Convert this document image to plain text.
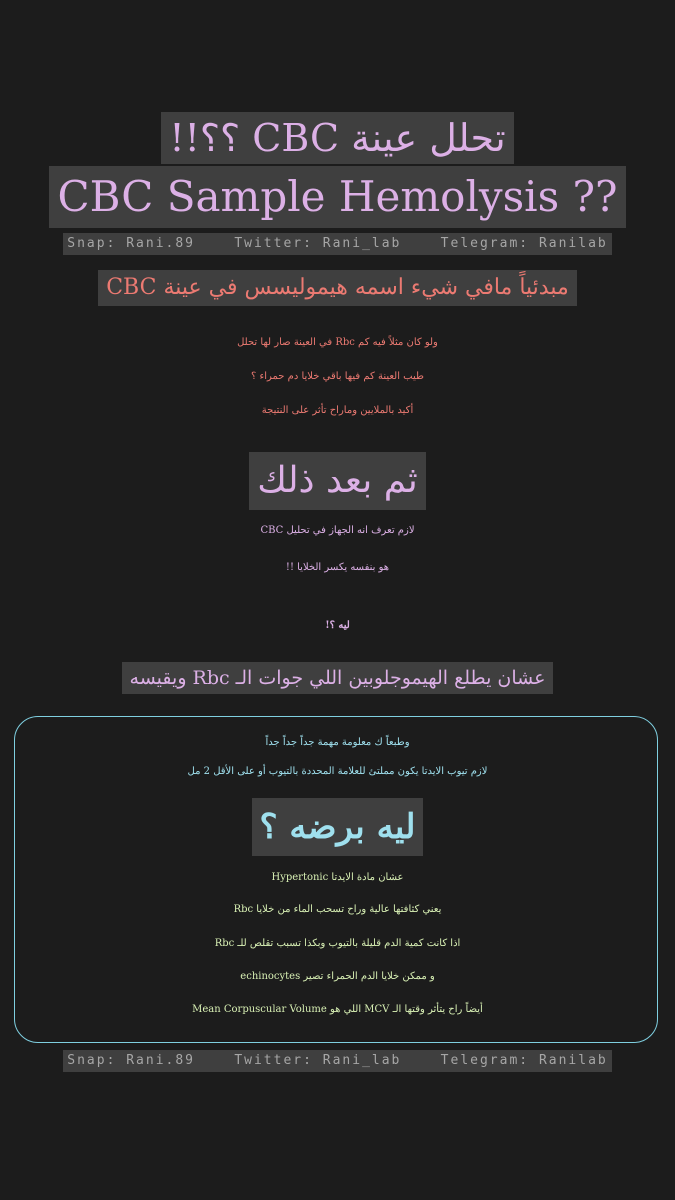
تحلل عينة CBC ؟؟!!
CBC Sample Hemolysis ??
Snap: Rani.89    Twitter: Rani_lab    Telegram: Ranilab
مبدئياً مافي شيء اسمه هيموليسس في عينة CBC
ولو كان مثلاً فيه كم Rbc في العينة صار لها تحلل
طيب العينة كم فيها باقي خلايا دم حمراء ؟
أكيد بالملايين وماراح تأثر على النتيجة
ثم بعد ذلك
لازم تعرف انه الجهاز في تحليل CBC
هو بنفسه يكسر الخلايا !!
ليه ؟!
عشان يطلع الهيموجلوبين اللي جوات الـ Rbc ويقيسه
وطبعاً ك معلومة مهمة جداً جداً جداً
لازم تيوب الايدتا يكون مملتئ للعلامة المحددة بالتيوب أو على الأقل 2 مل
ليه برضه ؟
عشان مادة الايدتا Hypertonic
يعني كثافتها عالية وراح تسحب الماء من خلايا Rbc
اذا كانت كمية الدم قليلة بالتيوب وبكذا تسبب تقلص للـ Rbc
و ممكن خلايا الدم الحمراء تصير echinocytes
أيضاً راح يتأثر وقتها الـ MCV اللي هو Mean Corpuscular Volume
Snap: Rani.89    Twitter: Rani_lab    Telegram: Ranilab
